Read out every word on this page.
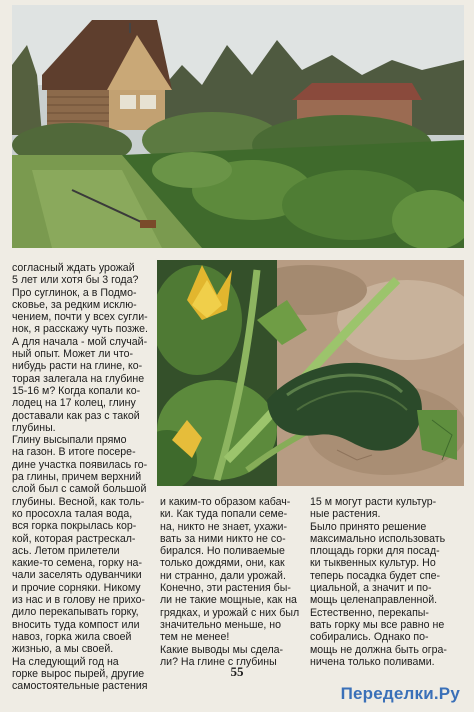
согласный ждать урожай
5 лет или хотя бы 3 года?

Про суглинок, а в Подмо-
сковье, за редким исклю-
чением, почти у всех сугли-
нок, я расскажу чуть позже.
А для начала - мой случай-
ный опыт. Может ли что-
нибудь расти на глине, ко-
торая залегала на глубине
15-16 м? Когда копали ко-
лодец на 17 колец, глину
доставали как раз с такой
глубины.

Глину высыпали прямо
на газон. В итоге посере-
дине участка появилась го-
ра глины, причем верхний
слой был с самой большой
глубины. Весной, как толь-
ко просохла талая вода,
вся горка покрылась кор-
кой, которая растрескал-
ась. Летом прилетели
какие-то семена, горку на-
чали заселять одуванчики
и прочие сорняки. Никому
из нас и в голову не прихо-
дило перекапывать горку,
вносить туда компост или
навоз, горка жила своей
жизнью, а мы своей.

На следующий год на
горке вырос пырей, другие
самостоятельные растения

и каким-то образом кабач-
ки. Как туда попали семе-
на, никто не знает, ухажи-
вать за ними никто не со-
бирался. Но поливаемые
только дождями, они, как
ни странно, дали урожай.
Конечно, эти растения бы-
ли не такие мощные, как на
грядках, и урожай с них был
значительно меньше, но
тем не менее!

Какие выводы мы сдела-
ли? На глине с глубины

15 м могут расти культур-
ные растения.

Было принято решение
максимально использовать
площадь горки для посад-
ки тыквенных культур. Но
теперь посадка будет спе-
циальной, а значит и по-
мощь целенаправленной.
Естественно, перекапы-
вать горку мы все равно не
собирались. Однако по-
мощь не должна быть огра-
ничена только поливами.

55
Переделки.Ру
